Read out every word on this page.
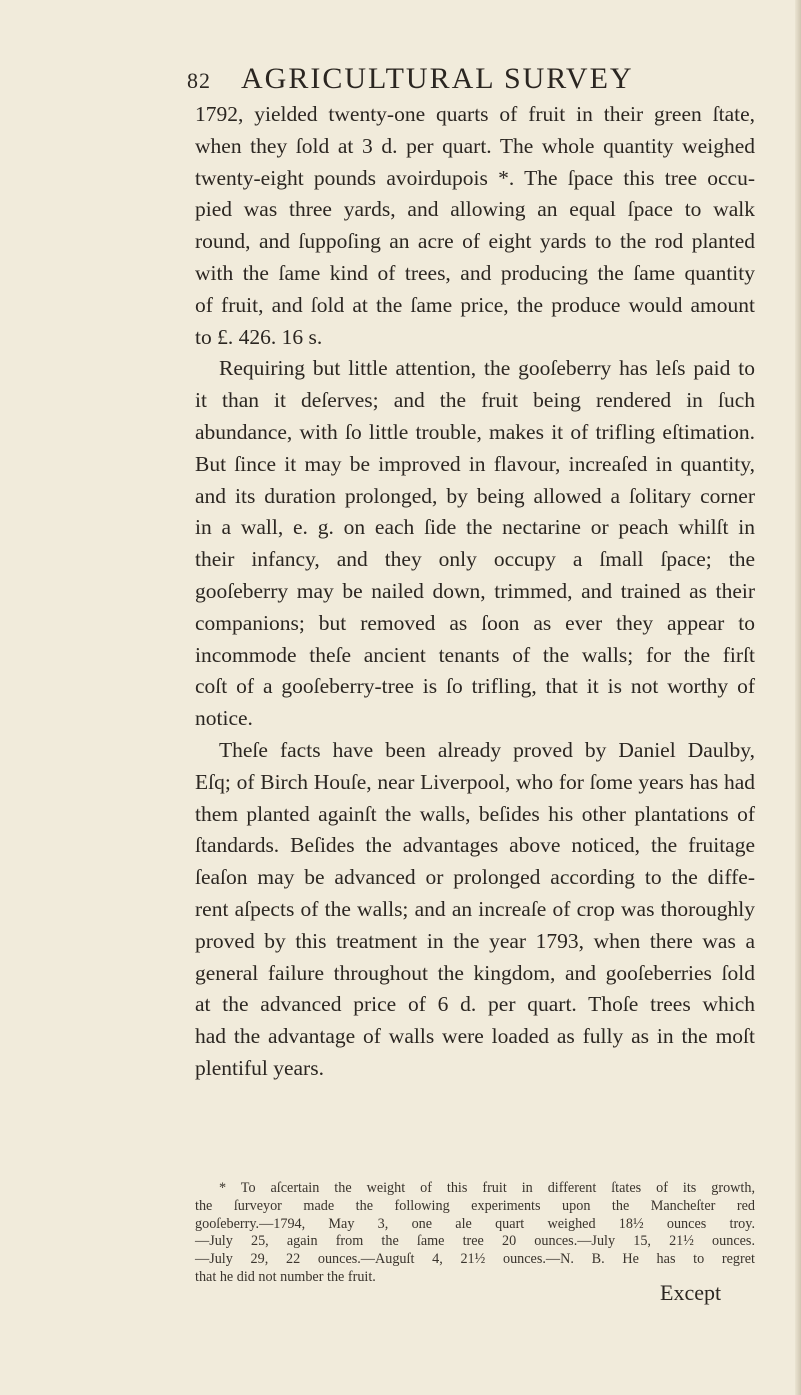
82 AGRICULTURAL SURVEY
1792, yielded twenty-one quarts of fruit in their green ſtate,
when they ſold at 3 d. per quart. The whole quantity weighed
twenty-eight pounds avoirdupois *. The ſpace this tree occu-
pied was three yards, and allowing an equal ſpace to walk
round, and ſuppoſing an acre of eight yards to the rod planted
with the ſame kind of trees, and producing the ſame quantity
of fruit, and ſold at the ſame price, the produce would amount
to £. 426. 16 s.
Requiring but little attention, the gooſeberry has leſs paid to
it than it deſerves; and the fruit being rendered in ſuch
abundance, with ſo little trouble, makes it of trifling eſtimation.
But ſince it may be improved in flavour, increaſed in quantity,
and its duration prolonged, by being allowed a ſolitary corner
in a wall, e. g. on each ſide the nectarine or peach whilſt in
their infancy, and they only occupy a ſmall ſpace; the
gooſeberry may be nailed down, trimmed, and trained as their
companions; but removed as ſoon as ever they appear to
incommode theſe ancient tenants of the walls; for the firſt
coſt of a gooſeberry-tree is ſo trifling, that it is not worthy of
notice.
Theſe facts have been already proved by Daniel Daulby,
Eſq; of Birch Houſe, near Liverpool, who for ſome years has had
them planted againſt the walls, beſides his other plantations of
ſtandards. Beſides the advantages above noticed, the fruitage
ſeaſon may be advanced or prolonged according to the diffe-
rent aſpects of the walls; and an increaſe of crop was thoroughly
proved by this treatment in the year 1793, when there was a
general failure throughout the kingdom, and gooſeberries ſold
at the advanced price of 6 d. per quart. Thoſe trees which
had the advantage of walls were loaded as fully as in the moſt
plentiful years.
* To aſcertain the weight of this fruit in different ſtates of its growth,
the ſurveyor made the following experiments upon the Mancheſter red
gooſeberry.—1794, May 3, one ale quart weighed 18½ ounces troy.
—July 25, again from the ſame tree 20 ounces.—July 15, 21½ ounces.
—July 29, 22 ounces.—Auguſt 4, 21½ ounces.—N. B. He has to regret
that he did not number the fruit.
Except
